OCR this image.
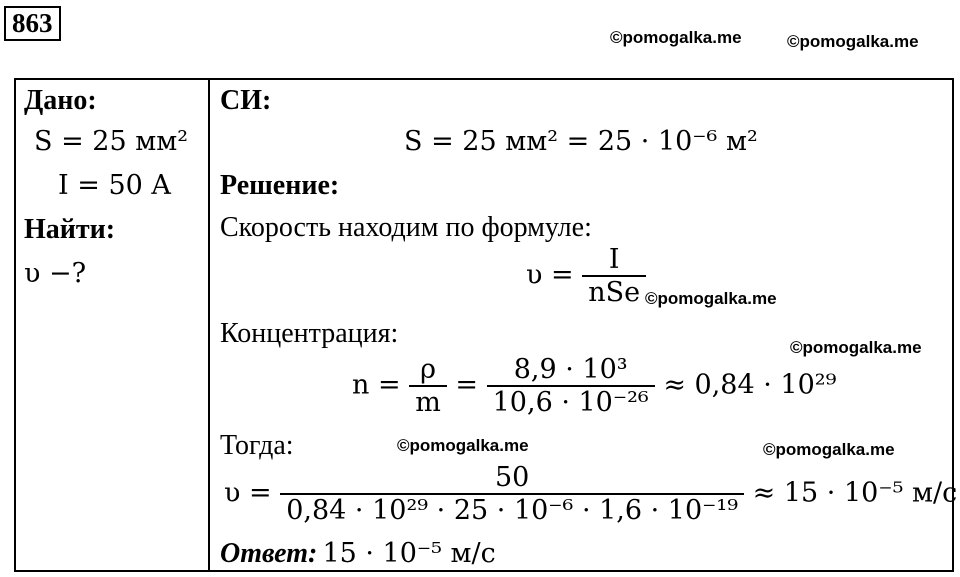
863	©pomogalka.me	©pomogalka.me
Дано:
S = 25 мм²
I = 50 A
Найти:
υ −?
СИ:
S = 25 мм² = 25 · 10⁻⁶ м²
Решение:
Скорость находим по формуле:
$\upsilon = \frac{I}{\text{nSe}}$
©pomogalka.me
Концентрация:	©pomogalka.me
$n = \frac{\rho}{m} = \frac{\text{8,9 · 10³}}{\text{10,6 · 10⁻²⁶}} \approx 0,84 \cdot 10^{29}$
Тогда:	©pomogalka.me	©pomogalka.me
$\upsilon = \frac{50}{\text{0,84 · 10²⁹ · 25 · 10⁻⁶ · 1,6 · 10⁻¹⁹}} \approx 15 \cdot 10^{-5}$ м/с
Ответ: 15 · 10⁻⁵ м/с
